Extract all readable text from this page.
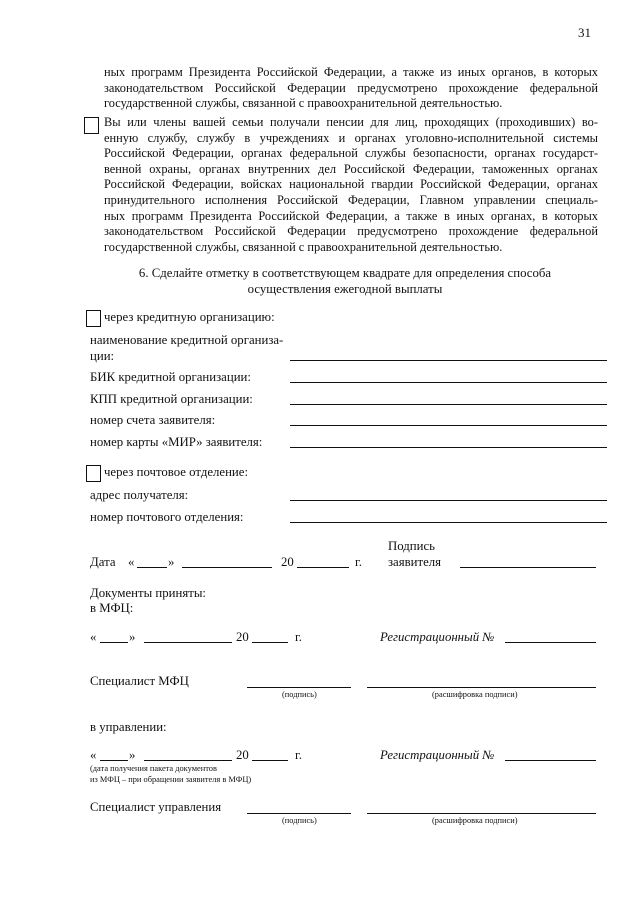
31
ных программ Президента Российской Федерации, а также из иных органов, в которых
законодательством Российской Федерации предусмотрено прохождение федеральной
государственной службы, связанной с правоохранительной деятельностью.
Вы или члены вашей семьи получали пенсии для лиц, проходящих (проходивших) во-
енную службу, службу в учреждениях и органах уголовно-исполнительной системы
Российской Федерации, органах федеральной службы безопасности, органах государст-
венной охраны, органах внутренних дел Российской Федерации, таможенных органах
Российской Федерации, войсках национальной гвардии Российской Федерации, органах
принудительного исполнения Российской Федерации, Главном управлении специаль-
ных программ Президента Российской Федерации, а также в иных органах, в которых
законодательством Российской Федерации предусмотрено прохождение федеральной
государственной службы, связанной с правоохранительной деятельностью.
6. Сделайте отметку в соответствующем квадрате для определения способа
осуществления ежегодной выплаты
через кредитную организацию:
наименование кредитной организа-
ции:
БИК кредитной организации:
КПП кредитной организации:
номер счета заявителя:
номер карты «МИР» заявителя:
через почтовое отделение:
адрес получателя:
номер почтового отделения:
Дата «	»	20	г.
Подпись
заявителя
Документы приняты:
в МФЦ:
«	»	20	г.	Регистрационный №
Специалист МФЦ
(подпись)	(расшифровка подписи)
в управлении:
«	»	20	г.	Регистрационный №
(дата получения пакета документов
из МФЦ – при обращении заявителя в МФЦ)
Специалист управления
(подпись)	(расшифровка подписи)
